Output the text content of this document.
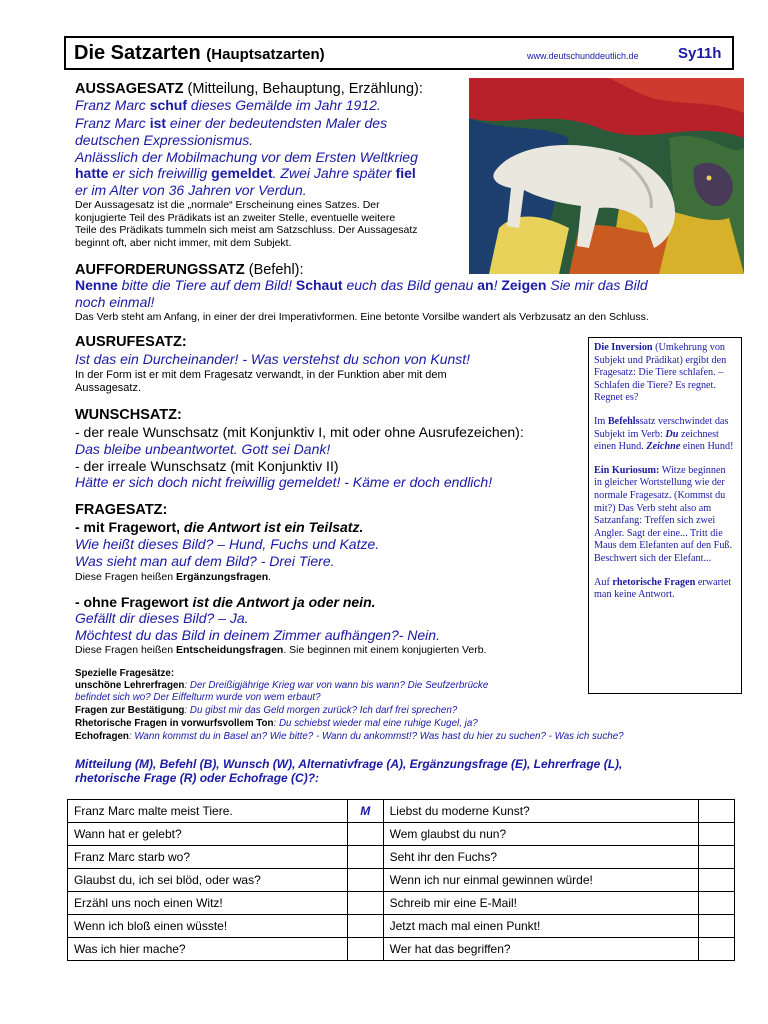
Die Satzarten (Hauptsatzarten)	www.deutschunddeutlich.de	Sy11h
AUSSAGESATZ (Mitteilung, Behauptung, Erzählung):
Franz Marc schuf dieses Gemälde im Jahr 1912.
Franz Marc ist einer der bedeutendsten Maler des
deutschen Expressionismus.
Anlässlich der Mobilmachung vor dem Ersten Weltkrieg
hatte er sich freiwillig gemeldet. Zwei Jahre später fiel
er im Alter von 36 Jahren vor Verdun.
Der Aussagesatz ist die „normale“ Erscheinung eines Satzes. Der
konjugierte Teil des Prädikats ist an zweiter Stelle, eventuelle weitere
Teile des Prädikats tummeln sich meist am Satzschluss. Der Aussagesatz
beginnt oft, aber nicht immer, mit dem Subjekt.
AUFFORDERUNGSSATZ (Befehl):
Nenne bitte die Tiere auf dem Bild! Schaut euch das Bild genau an! Zeigen Sie mir das Bild
noch einmal!
Das Verb steht am Anfang, in einer der drei Imperativformen. Eine betonte Vorsilbe wandert als Verbzusatz an den Schluss.
AUSRUFESATZ:
Ist das ein Durcheinander! - Was verstehst du schon von Kunst!
In der Form ist er mit dem Fragesatz verwandt, in der Funktion aber mit dem
Aussagesatz.
WUNSCHSATZ:
- der reale Wunschsatz (mit Konjunktiv I, mit oder ohne Ausrufezeichen):
Das bleibe unbeantwortet. Gott sei Dank!
- der irreale Wunschsatz (mit Konjunktiv II)
Hätte er sich doch nicht freiwillig gemeldet! - Käme er doch endlich!
FRAGESATZ:
- mit Fragewort, die Antwort ist ein Teilsatz.
Wie heißt dieses Bild? – Hund, Fuchs und Katze.
Was sieht man auf dem Bild? - Drei Tiere.
Diese Fragen heißen Ergänzungsfragen.
- ohne Fragewort ist die Antwort ja oder nein.
Gefällt dir dieses Bild? – Ja.
Möchtest du das Bild in deinem Zimmer aufhängen?- Nein.
Diese Fragen heißen Entscheidungsfragen. Sie beginnen mit einem konjugierten Verb.
Spezielle Fragesätze:
unschöne Lehrerfragen: Der Dreißigjährige Krieg war von wann bis wann? Die Seufzerbrücke
befindet sich wo? Der Eiffelturm wurde von wem erbaut?
Fragen zur Bestätigung: Du gibst mir das Geld morgen zurück? Ich darf frei sprechen?
Rhetorische Fragen in vorwurfsvollem Ton: Du schiebst wieder mal eine ruhige Kugel, ja?
Echofragen: Wann kommst du in Basel an? Wie bitte? - Wann du ankommst!? Was hast du hier zu suchen? - Was ich suche?
Mitteilung (M), Befehl (B), Wunsch (W), Alternativfrage (A), Ergänzungsfrage (E), Lehrerfrage (L),
rhetorische Frage (R) oder Echofrage (C)?:

Die Inversion (Umkehrung von Subjekt und Prädikat) ergibt den Fragesatz: Die Tiere schlafen. – Schlafen die Tiere? Es regnet. Regnet es?

Im Befehlssatz verschwindet das Subjekt im Verb: Du zeichnest einen Hund. Zeichne einen Hund!

Ein Kuriosum: Witze beginnen in gleicher Wortstellung wie der normale Fragesatz. (Kommst du mit?) Das Verb steht also am Satzanfang: Treffen sich zwei Angler. Sagt der eine... Tritt die Maus dem Elefanten auf den Fuß. Beschwert sich der Elefant...

Auf rhetorische Fragen erwartet man keine Antwort.

Franz Marc malte meist Tiere.	M	Liebst du moderne Kunst?	
Wann hat er gelebt?		Wem glaubst du nun?	
Franz Marc starb wo?		Seht ihr den Fuchs?	
Glaubst du, ich sei blöd, oder was?		Wenn ich nur einmal gewinnen würde!	
Erzähl uns noch einen Witz!		Schreib mir eine E-Mail!	
Wenn ich bloß einen wüsste!		Jetzt mach mal einen Punkt!	
Was ich hier mache?		Wer hat das begriffen?	
